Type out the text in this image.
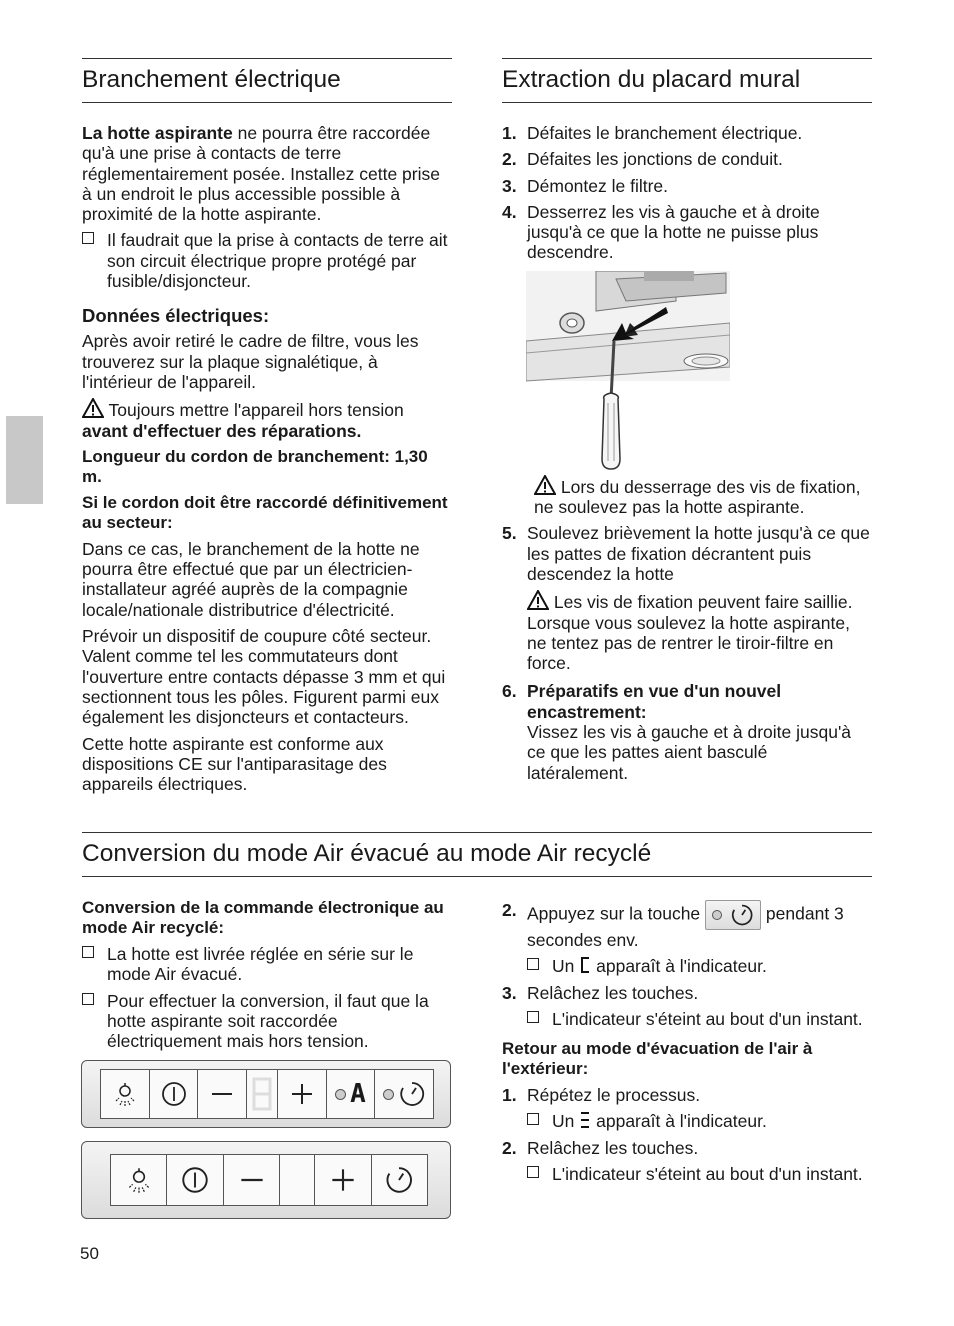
Branchement électrique

La hotte aspirante ne pourra être raccordée qu'à une prise à contacts de terre réglementairement posée. Installez cette prise à un endroit le plus accessible possible à proximité de la hotte aspirante.

Il faudrait que la prise à contacts de terre ait son circuit électrique propre protégé par fusible/disjoncteur.
Données électriques:

Après avoir retiré le cadre de filtre, vous les trouverez sur la plaque signalétique, à l'intérieur de l'appareil.

Toujours mettre l'appareil hors tension
avant d'effectuer des réparations.

Longueur du cordon de branchement: 1,30 m.

Si le cordon doit être raccordé définitivement au secteur:

Dans ce cas, le branchement de la hotte ne pourra être effectué que par un électricien-installateur agréé auprès de la compagnie locale/nationale distributrice d'électricité.

Prévoir un dispositif de coupure côté secteur. Valent comme tel les commutateurs dont l'ouverture entre contacts dépasse 3 mm et qui sectionnent tous les pôles. Figurent parmi eux également les disjoncteurs et contacteurs.

Cette hotte aspirante est conforme aux dispositions CE sur l'antiparasitage des appareils électriques.

Extraction du placard mural
1. Défaites le branchement électrique.
2. Défaites les jonctions de conduit.
3. Démontez le filtre.
4. Desserrez les vis à gauche et à droite jusqu'à ce que la hotte ne puisse plus descendre.

Lors du desserrage des vis de fixation, ne soulevez pas la hotte aspirante.

5. Soulevez brièvement la hotte jusqu'à ce que les pattes de fixation décrantent puis descendez la hotte

Les vis de fixation peuvent faire saillie. Lorsque vous soulevez la hotte aspirante, ne tentez pas de rentrer le tiroir-filtre en force.

6. Préparatifs en vue d'un nouvel encastrement:
Vissez les vis à gauche et à droite jusqu'à ce que les pattes aient basculé latéralement.
Conversion du mode Air évacué au mode Air recyclé

Conversion de la commande électronique au mode Air recyclé:

La hotte est livrée réglée en série sur le mode Air évacué.
Pour effectuer la conversion, il faut que la hotte aspirante soit raccordée électriquement mais hors tension.
A
2. Appuyez sur la touche	pendant 3 secondes env.
Un apparaît à l'indicateur.
3. Relâchez les touches.
L'indicateur s'éteint au bout d'un instant.

Retour au mode d'évacuation de l'air à l'extérieur:

1. Répétez le processus.
Un apparaît à l'indicateur.
2. Relâchez les touches.
L'indicateur s'éteint au bout d'un instant.
50
